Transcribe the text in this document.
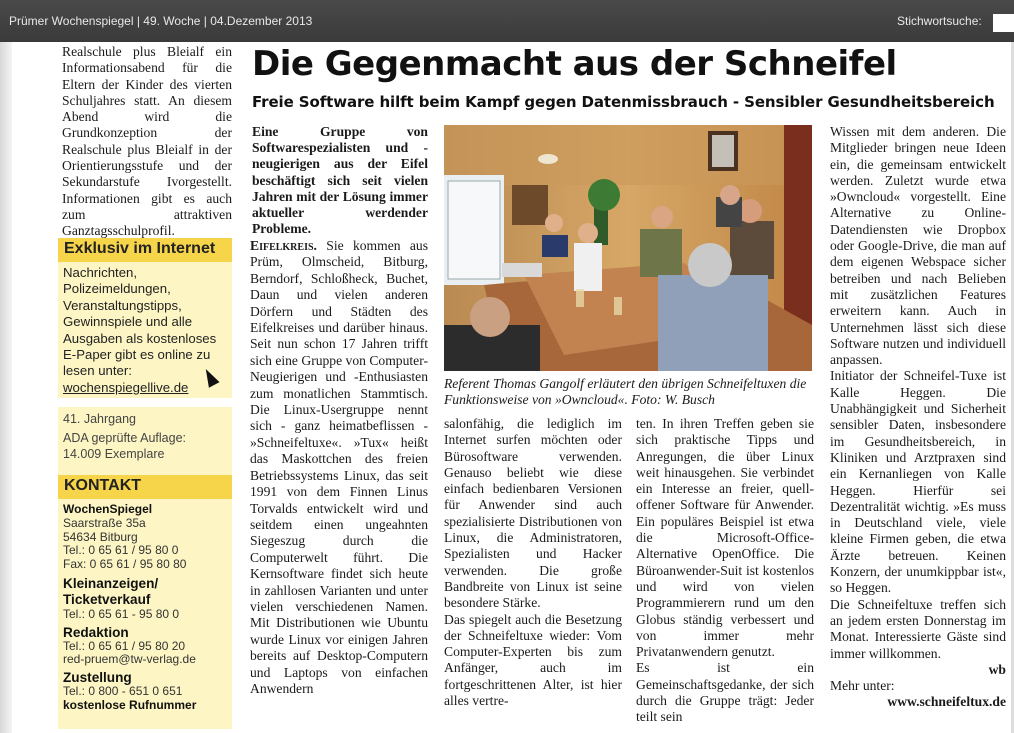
Prümer Wochenspiegel | 49. Woche | 04.Dezember 2013	Stichwortsuche:
Realschule plus Bleialf ein Informationsabend für die Eltern der Kinder des vierten Schuljahres statt. An diesem Abend wird die Grundkonzeption der Realschule plus Bleialf in der Orientierungsstufe und der Sekundarstufe Ivorgestellt. Informationen gibt es auch zum attraktiven Ganztagsschulprofil.
Exklusiv im Internet
Nachrichten, Polizeimeldungen, Veranstaltungstipps, Gewinnspiele und alle Ausgaben als kostenloses E-Paper gibt es online zu lesen unter: wochenspiegellive.de
41. Jahrgang
ADA geprüfte Auflage:
14.009 Exemplare
KONTAKT
WochenSpiegel
Saarstraße 35a
54634 Bitburg
Tel.: 0 65 61 / 95 80 0
Fax: 0 65 61 / 95 80 80
Kleinanzeigen/ Ticketverkauf
Tel.: 0 65 61 - 95 80 0
Redaktion
Tel.: 0 65 61 / 95 80 20
red-pruem@tw-verlag.de
Zustellung
Tel.: 0 800 - 651 0 651
kostenlose Rufnummer
Die Gegenmacht aus der Schneifel
Freie Software hilft beim Kampf gegen Datenmissbrauch - Sensibler Gesundheitsbereich
Eine Gruppe von Softwarespezialisten und -neugierigen aus der Eifel beschäftigt sich seit vielen Jahren mit der Lösung immer aktueller werdender Probleme.
Eifelkreis. Sie kommen aus Prüm, Olmscheid, Bitburg, Berndorf, Schloßheck, Buchet, Daun und vielen anderen Dörfern und Städten des Eifelkreises und darüber hinaus. Seit nun schon 17 Jahren trifft sich eine Gruppe von Computer-Neugierigen und -Enthusiasten zum monatlichen Stammtisch. Die Linux-Usergruppe nennt sich - ganz heimatbeflissen - »Schneifeltuxe«. »Tux« heißt das Maskottchen des freien Betriebssystems Linux, das seit 1991 von dem Finnen Linus Torvalds entwickelt wird und seitdem einen ungeahnten Siegeszug durch die Computerwelt führt. Die Kernsoftware findet sich heute in zahllosen Varianten und unter vielen verschiedenen Namen. Mit Distributionen wie Ubuntu wurde Linux vor einigen Jahren bereits auf Desktop-Computern und Laptops von einfachen Anwendern
Referent Thomas Gangolf erläutert den übrigen Schneifeltuxen die Funktionsweise von »Owncloud«. Foto: W. Busch
salonfähig, die lediglich im Internet surfen möchten oder Bürosoftware verwenden. Genauso beliebt wie diese einfach bedienbaren Versionen für Anwender sind auch spezialisierte Distributionen von Linux, die Administratoren, Spezialisten und Hacker verwenden. Die große Bandbreite von Linux ist seine besondere Stärke.
Das spiegelt auch die Besetzung der Schneifeltuxe wieder: Vom Computer-Experten bis zum Anfänger, auch im fortgeschrittenen Alter, ist hier alles vertre-
ten. In ihren Treffen geben sie sich praktische Tipps und Anregungen, die über Linux weit hinausgehen. Sie verbindet ein Interesse an freier, quell-offener Software für Anwender. Ein populäres Beispiel ist etwa die Microsoft-Office-Alternative OpenOffice. Die Büroanwender-Suit ist kostenlos und wird von vielen Programmierern rund um den Globus ständig verbessert und von immer mehr Privatanwendern genutzt.
Es ist ein Gemeinschaftsgedanke, der sich durch die Gruppe trägt: Jeder teilt sein
Wissen mit dem anderen. Die Mitglieder bringen neue Ideen ein, die gemeinsam entwickelt werden. Zuletzt wurde etwa »Owncloud« vorgestellt. Eine Alternative zu Online-Datendiensten wie Dropbox oder Google-Drive, die man auf dem eigenen Webspace sicher betreiben und nach Belieben mit zusätzlichen Features erweitern kann. Auch in Unternehmen lässt sich diese Software nutzen und individuell anpassen.
Initiator der Schneifel-Tuxe ist Kalle Heggen. Die Unabhängigkeit und Sicherheit sensibler Daten, insbesondere im Gesundheitsbereich, in Kliniken und Arztpraxen sind ein Kernanliegen von Kalle Heggen. Hierfür sei Dezentralität wichtig. »Es muss in Deutschland viele, viele kleine Firmen geben, die etwa Ärzte betreuen. Keinen Konzern, der unumkippbar ist«, so Heggen.
Die Schneifeltuxe treffen sich an jedem ersten Donnerstag im Monat. Interessierte Gäste sind immer willkommen.
wb
Mehr unter:
www.schneifeltux.de
